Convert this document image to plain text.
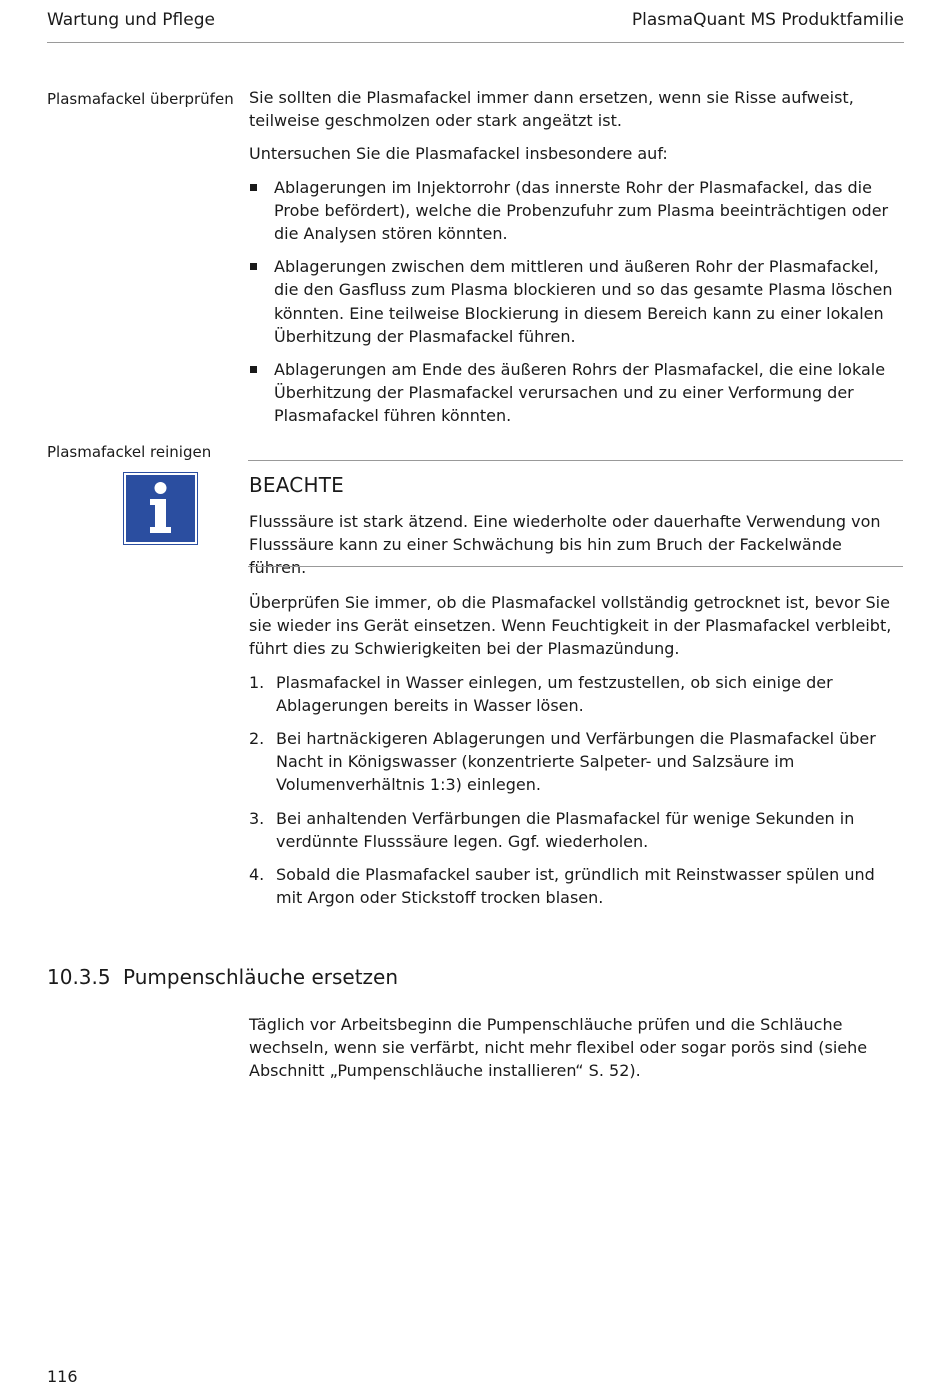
Wartung und Pflege	PlasmaQuant MS Produktfamilie
Plasmafackel überprüfen Sie sollten die Plasmafackel immer dann ersetzen, wenn sie Risse aufweist, teilweise geschmolzen oder stark angeätzt ist.

Untersuchen Sie die Plasmafackel insbesondere auf:

Ablagerungen im Injektorrohr (das innerste Rohr der Plasmafackel, das die Probe befördert), welche die Probenzufuhr zum Plasma beeinträchtigen oder die Analysen stören könnten.
Ablagerungen zwischen dem mittleren und äußeren Rohr der Plasmafackel, die den Gasfluss zum Plasma blockieren und so das gesamte Plasma löschen könnten. Eine teilweise Blockierung in diesem Bereich kann zu einer lokalen Überhitzung der Plasmafackel führen.
Ablagerungen am Ende des äußeren Rohrs der Plasmafackel, die eine lokale Überhitzung der Plasmafackel verursachen und zu einer Verformung der Plasmafackel führen könnten.
Plasmafackel reinigen
BEACHTE
Flusssäure ist stark ätzend. Eine wiederholte oder dauerhafte Verwendung von Flusssäure kann zu einer Schwächung bis hin zum Bruch der Fackelwände führen.

Überprüfen Sie immer, ob die Plasmafackel vollständig getrocknet ist, bevor Sie sie wieder ins Gerät einsetzen. Wenn Feuchtigkeit in der Plasmafackel verbleibt, führt dies zu Schwierigkeiten bei der Plasmazündung.

1. Plasmafackel in Wasser einlegen, um festzustellen, ob sich einige der Ablagerungen bereits in Wasser lösen.
2. Bei hartnäckigeren Ablagerungen und Verfärbungen die Plasmafackel über Nacht in Königswasser (konzentrierte Salpeter- und Salzsäure im Volumenverhältnis 1:3) einlegen.
3. Bei anhaltenden Verfärbungen die Plasmafackel für wenige Sekunden in verdünnte Flusssäure legen. Ggf. wiederholen.
4. Sobald die Plasmafackel sauber ist, gründlich mit Reinstwasser spülen und mit Argon oder Stickstoff trocken blasen.
10.3.5 Pumpenschläuche ersetzen
Täglich vor Arbeitsbeginn die Pumpenschläuche prüfen und die Schläuche wechseln, wenn sie verfärbt, nicht mehr flexibel oder sogar porös sind (siehe Abschnitt „Pumpenschläuche installieren“ S. 52).
116
